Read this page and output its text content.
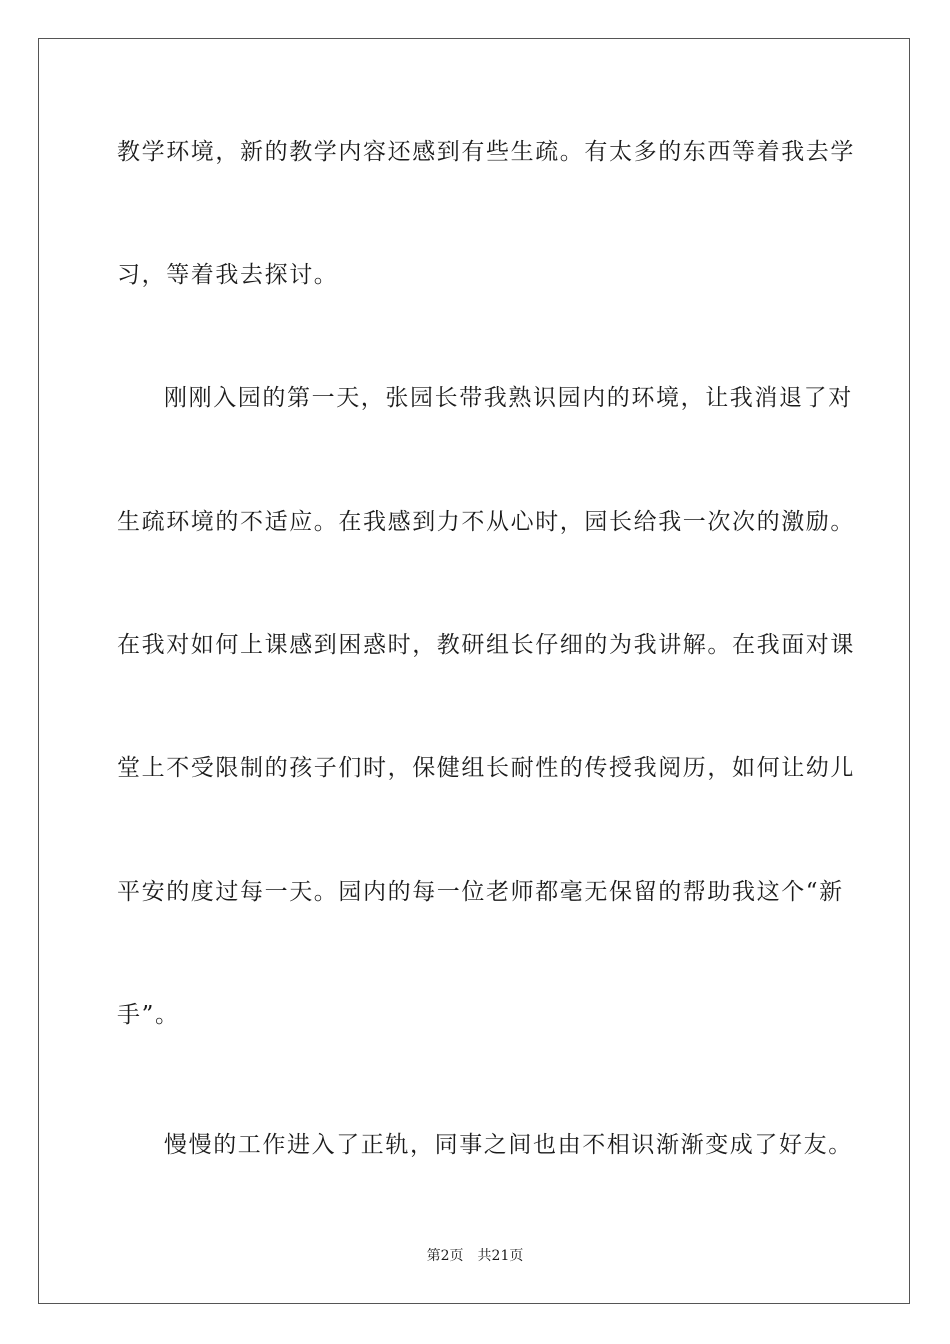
教学环境，新的教学内容还感到有些生疏。有太多的东西等着我去学
习，等着我去探讨。
刚刚入园的第一天，张园长带我熟识园内的环境，让我消退了对
生疏环境的不适应。在我感到力不从心时，园长给我一次次的激励。
在我对如何上课感到困惑时，教研组长仔细的为我讲解。在我面对课
堂上不受限制的孩子们时，保健组长耐性的传授我阅历，如何让幼儿
平安的度过每一天。园内的每一位老师都毫无保留的帮助我这个“新
手”。
慢慢的工作进入了正轨，同事之间也由不相识渐渐变成了好友。
第2页 共21页
